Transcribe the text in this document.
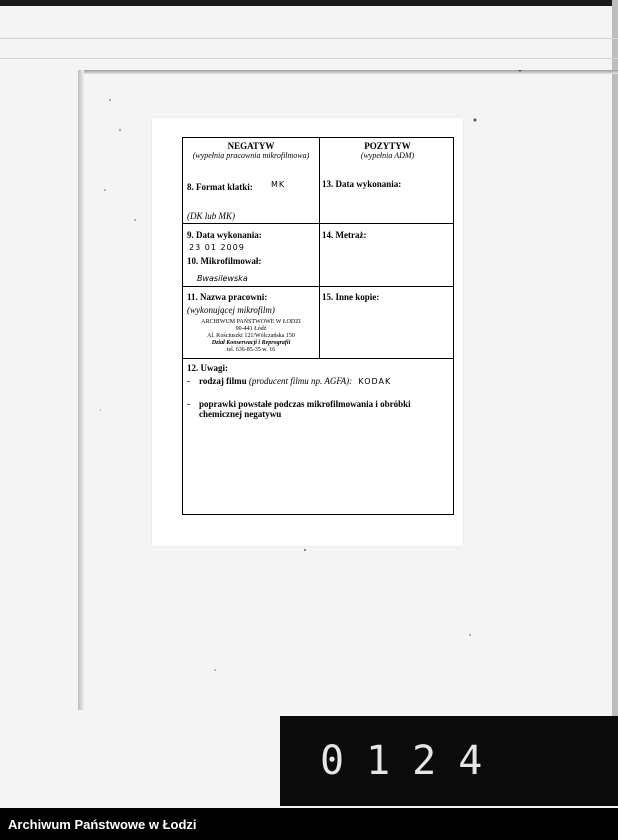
NEGATYW
(wypełnia pracownia mikrofilmowa)
POZYTYW
(wypełnia ADM)
8. Format klatki: MK
(DK lub MK)
13. Data wykonania:
9. Data wykonania:
23 01 2009
14. Metraż:
10. Mikrofilmował:
Bwasilewska
11. Nazwa pracowni:
(wykonującej mikrofilm)
ARCHIWUM PAŃSTWOWE W ŁODZI
90-441 Łódź
Al. Kościuszki 121/Wólczańska 150
Dział Konserwacji i Reprografii
tel. 636-85-35 w. 16
15. Inne kopie:
12. Uwagi:
- rodzaj filmu (producent filmu np. AGFA): KODAK
- poprawki powstałe podczas mikrofilmowania i obróbki chemicznej negatywu
0124
Archiwum Państwowe w Łodzi
